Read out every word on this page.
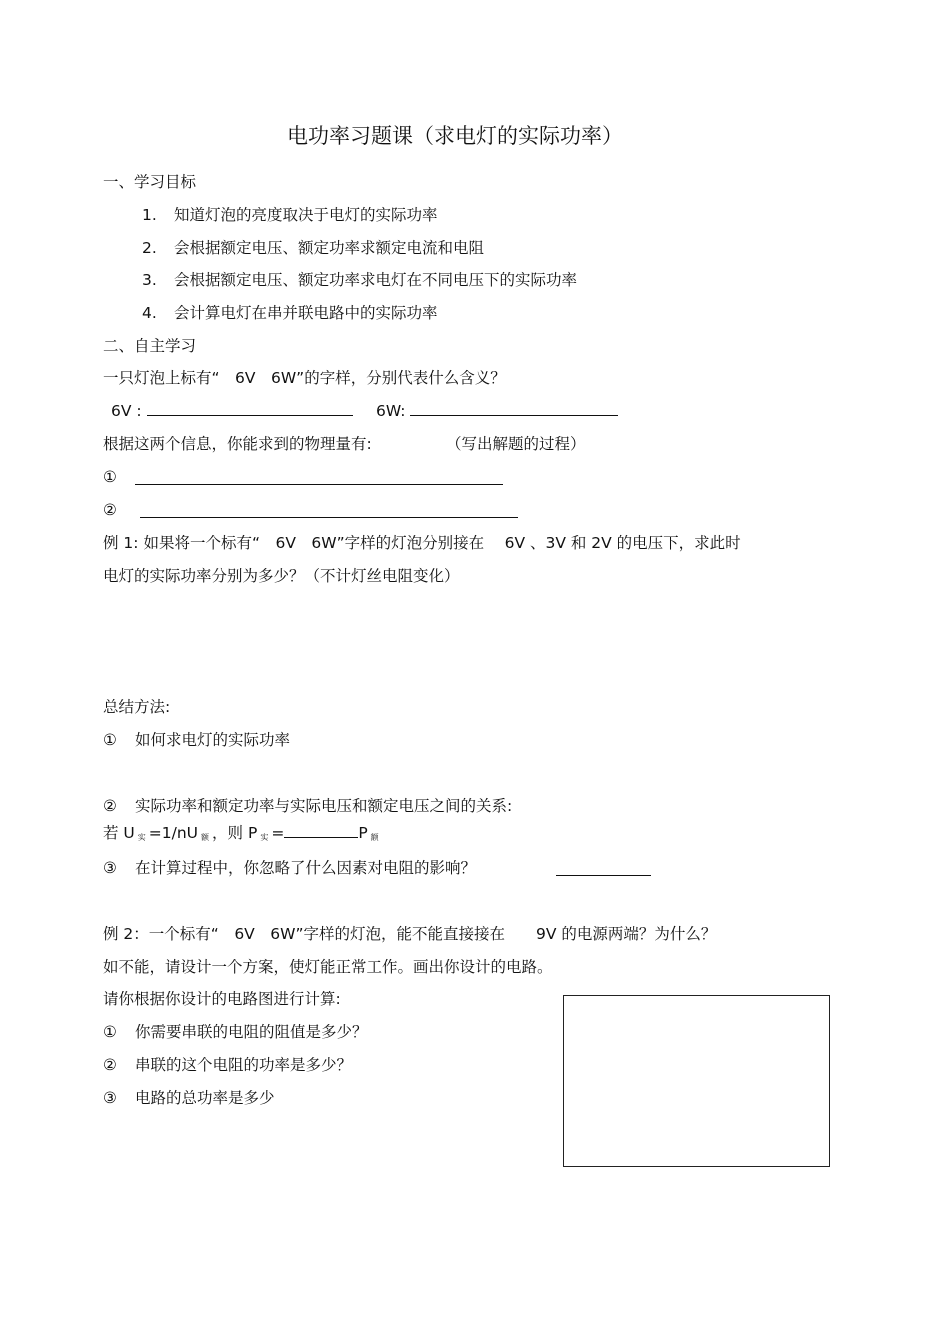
电功率习题课（求电灯的实际功率）
一、学习目标
1. 知道灯泡的亮度取决于电灯的实际功率
2. 会根据额定电压、额定功率求额定电流和电阻
3. 会根据额定电压、额定功率求电灯在不同电压下的实际功率
4. 会计算电灯在串并联电路中的实际功率
二、自主学习
一只灯泡上标有“　6V　6W”的字样，分别代表什么含义？
6V :	6W:
根据这两个信息，你能求到的物理量有:	（写出解题的过程）
①
②
例 1: 如果将一个标有“　6V　6W”字样的灯泡分别接在　 6V 、3V 和 2V 的电压下，求此时
电灯的实际功率分别为多少？（不计灯丝电阻变化）
总结方法:
① 如何求电灯的实际功率
② 实际功率和额定功率与实际电压和额定电压之间的关系:
若 U $_实$ =1/nU $_额$ ，则 P $_实$ =	P $_额$
③ 在计算过程中，你忽略了什么因素对电阻的影响？
例 2：一个标有“　6V　6W”字样的灯泡，能不能直接接在　　9V 的电源两端？为什么？
如不能，请设计一个方案，使灯能正常工作。画出你设计的电路。
请你根据你设计的电路图进行计算:
① 你需要串联的电阻的阻值是多少？
② 串联的这个电阻的功率是多少？
③ 电路的总功率是多少
